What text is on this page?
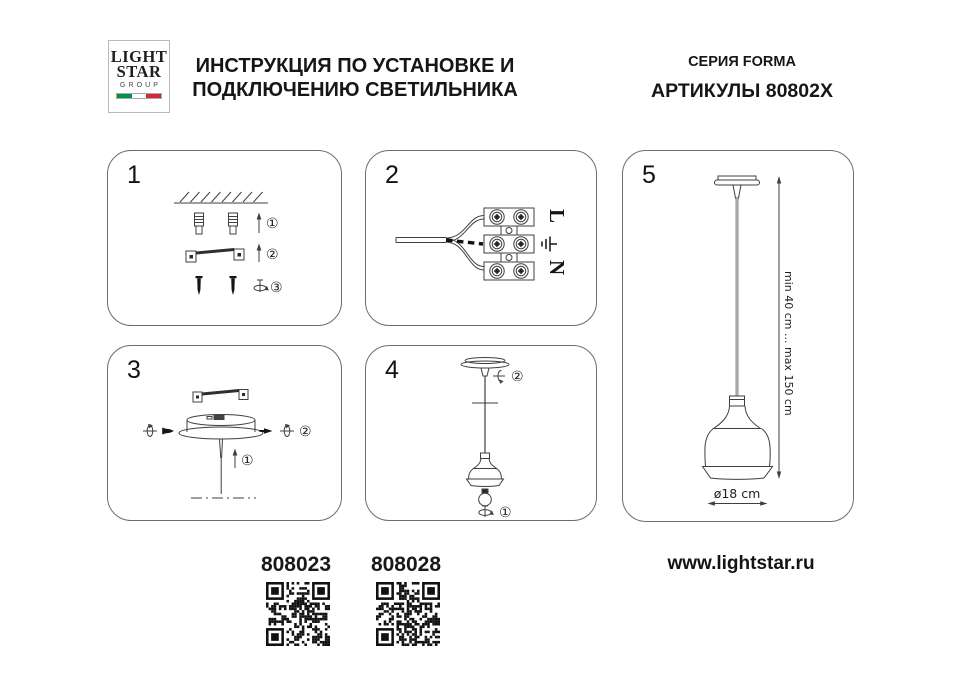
LIGHT
STAR
GROUP
ИНСТРУКЦИЯ ПО УСТАНОВКЕ И
ПОДКЛЮЧЕНИЮ СВЕТИЛЬНИКА
СЕРИЯ FORMA
АРТИКУЛЫ 80802X
1
①
②
③
2
L
N
3
②
①
4	②
①
5
min 40 cm ... max 150 cm
ø18 cm
808023	808028	www.lightstar.ru
